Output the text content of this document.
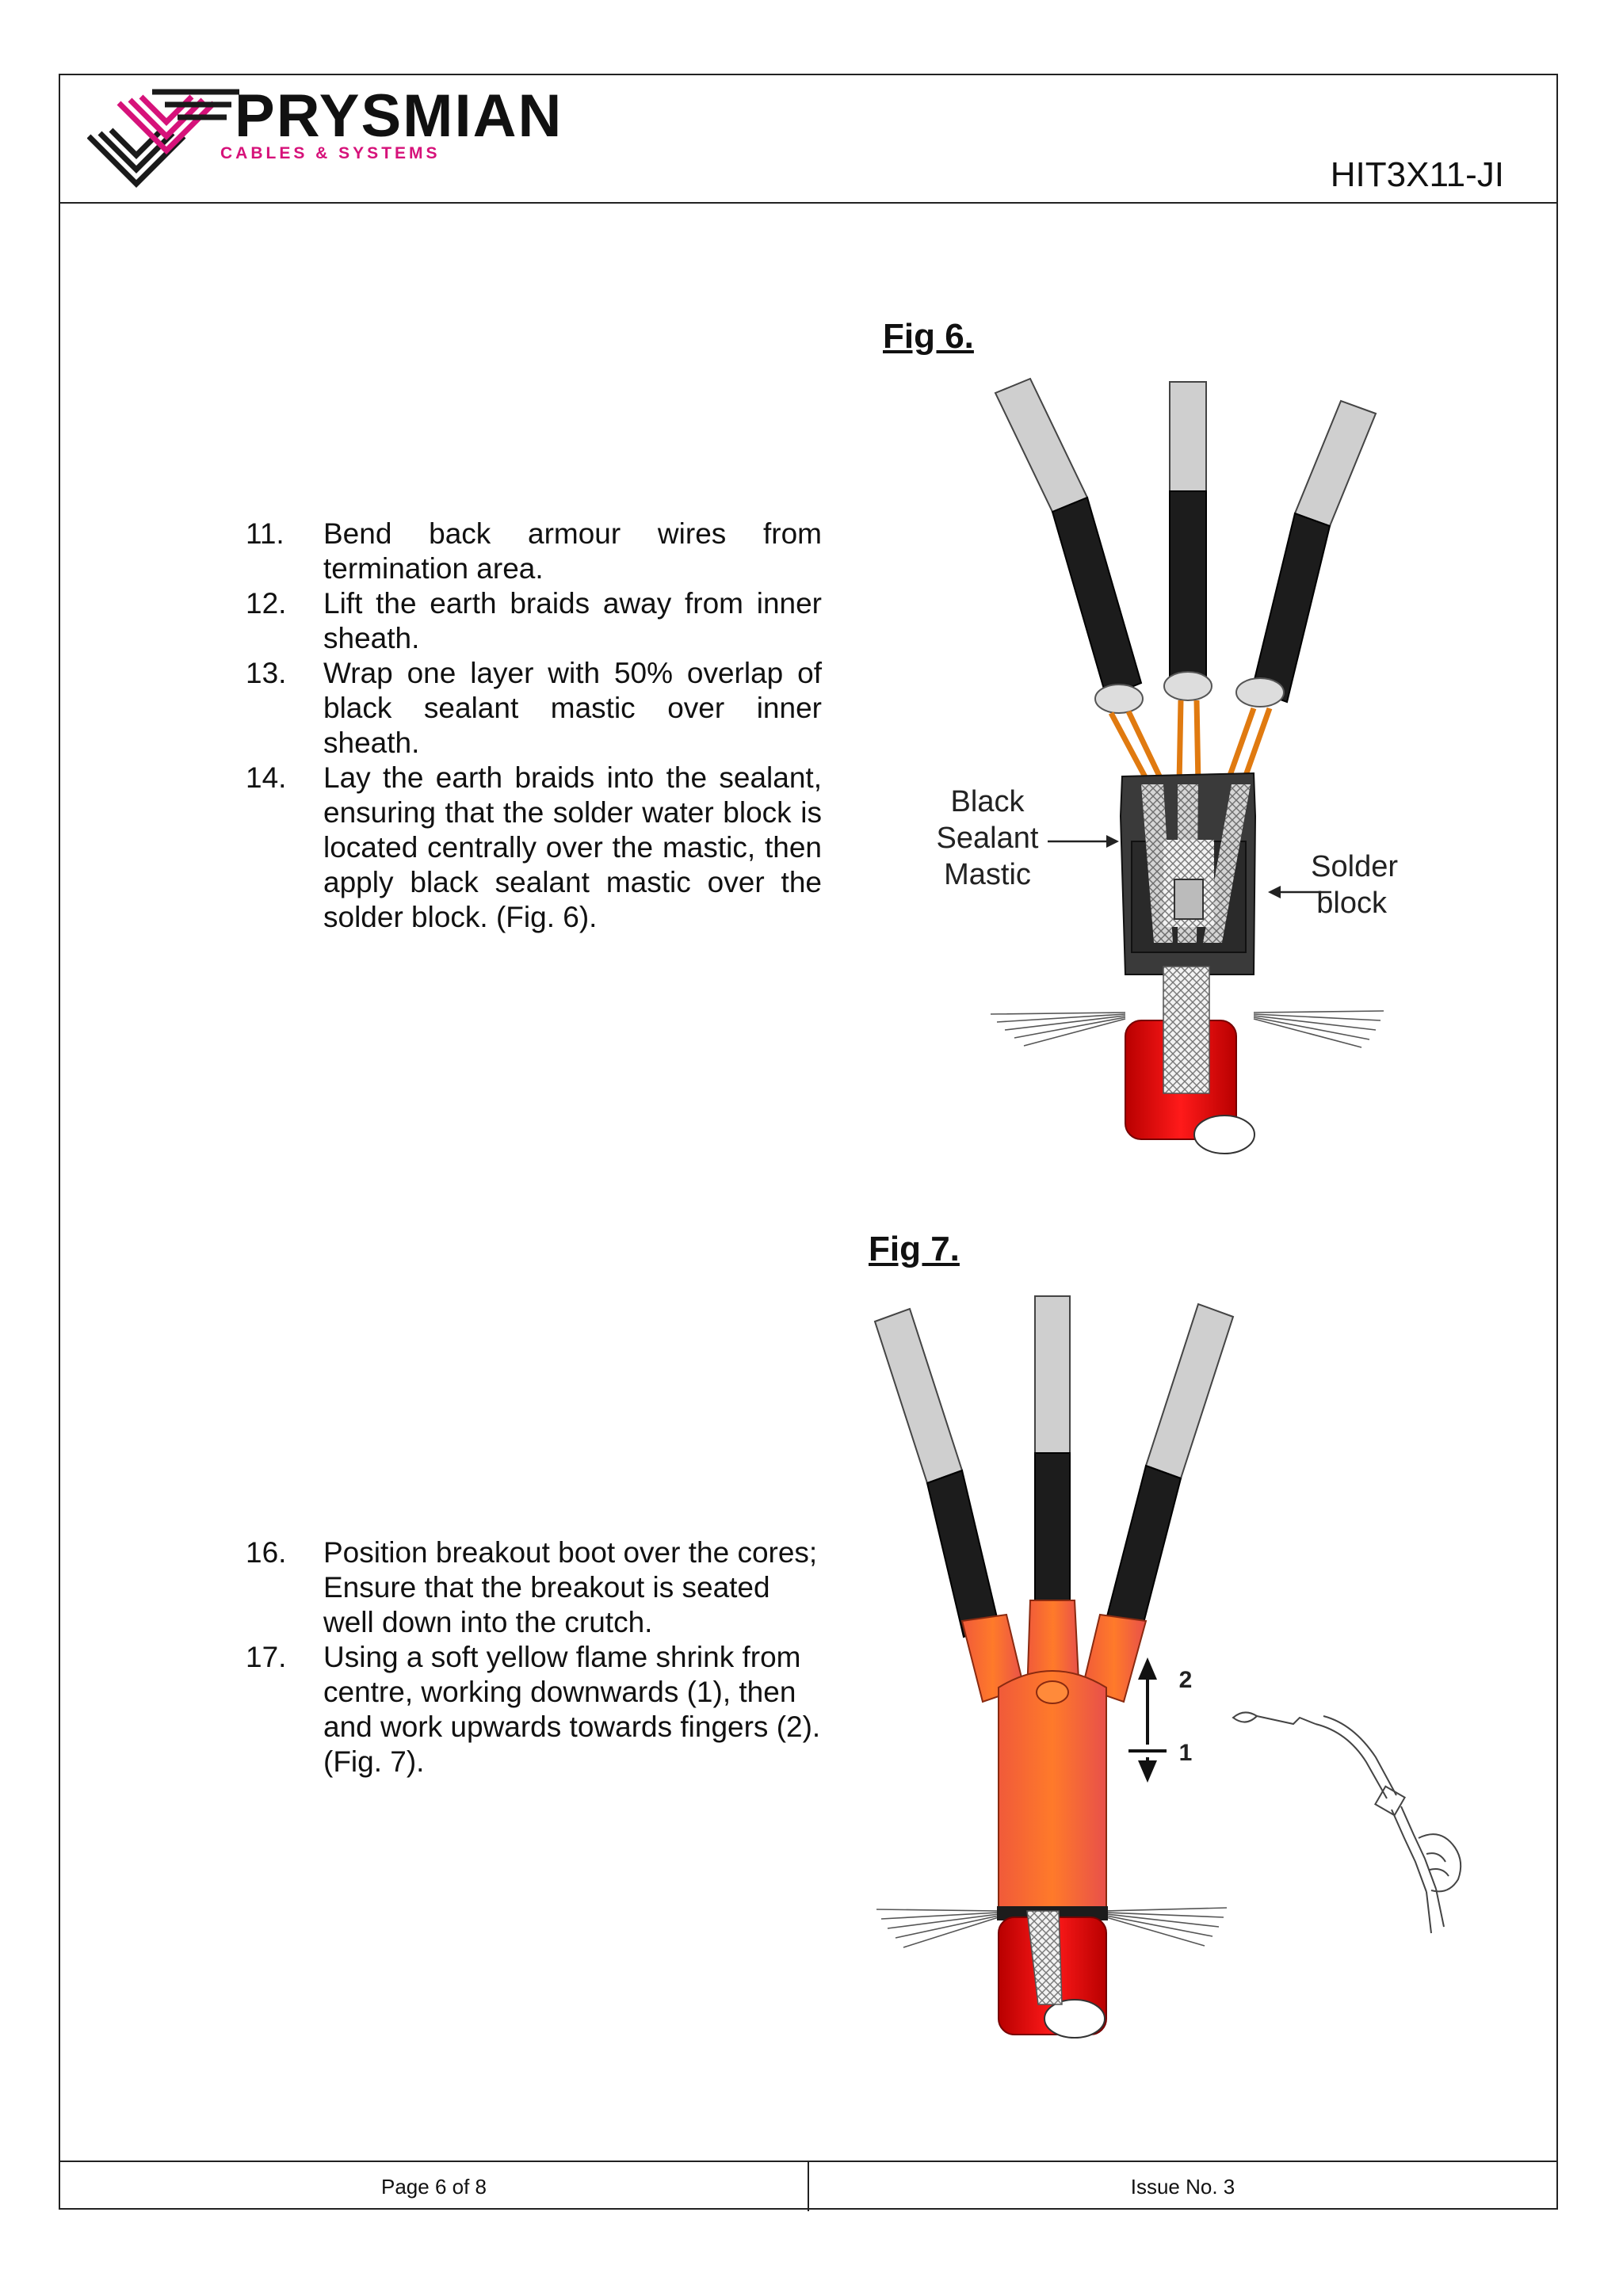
Page 6 of 8	Issue No. 3
PRYSMIAN
CABLES & SYSTEMS
HIT3X11-JI
Fig 6.
11.	Bend back armour wires from termination area.
12.	Lift the earth braids away from inner sheath.
13.	Wrap one layer with 50% overlap of black sealant mastic over inner sheath.
14.	Lay the earth braids into the sealant, ensuring that the solder water block is located centrally over the mastic, then apply black sealant mastic over the solder block. (Fig. 6).
Black
Sealant
Mastic	Solder
block
Fig 7.
16.	Position breakout boot over the cores; Ensure that the breakout is seated well down into the crutch.
17.	Using a soft yellow flame shrink from centre, working downwards (1), then and work upwards towards fingers (2). (Fig. 7).
2
1
